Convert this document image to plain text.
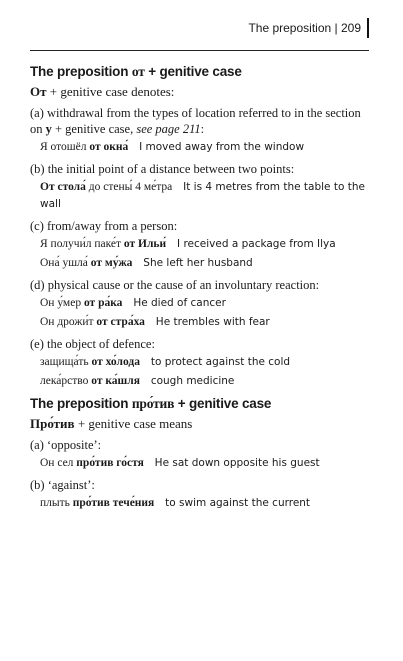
The preposition | 209
The preposition от + genitive case
От + genitive case denotes:
(a) withdrawal from the types of location referred to in the section on у + genitive case, see page 211:
Я отошёл от окна́ I moved away from the window
(b) the initial point of a distance between two points:
От стола́ до стены́ 4 ме́тра It is 4 metres from the table to the wall
(c) from/away from a person:
Я получи́л паке́т от Ильи́ I received a package from Ilya
Она́ ушла́ от му́жа She left her husband
(d) physical cause or the cause of an involuntary reaction:
Он у́мер от ра́ка He died of cancer
Он дрожи́т от стра́ха He trembles with fear
(e) the object of defence:
защища́ть от хо́лода to protect against the cold
лека́рство от ка́шля cough medicine
The preposition про́тив + genitive case
Про́тив + genitive case means
(a) ‘opposite’:
Он сел про́тив го́стя He sat down opposite his guest
(b) ‘against’:
плыть про́тив тече́ния to swim against the current
